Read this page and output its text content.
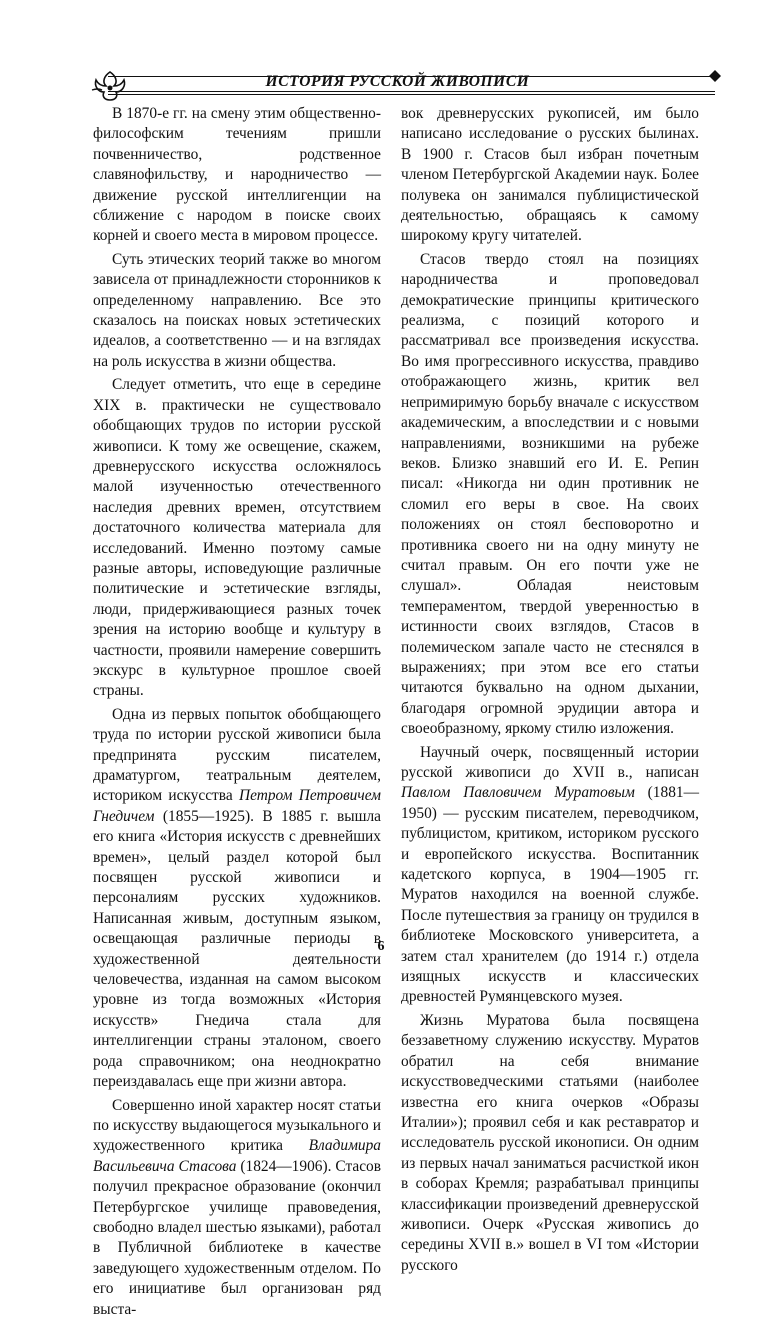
ИСТОРИЯ РУССКОЙ ЖИВОПИСИ

В 1870-е гг. на смену этим общественно-философским течениям пришли почвенничество, родственное славянофильству, и народничество — движение русской интеллигенции на сближение с народом в поиске своих корней и своего места в мировом процессе.

Суть этических теорий также во многом зависела от принадлежности сторонников к определенному направлению. Все это сказалось на поисках новых эстетических идеалов, а соответственно — и на взглядах на роль искусства в жизни общества.

Следует отметить, что еще в середине XIX в. практически не существовало обобщающих трудов по истории русской живописи. К тому же освещение, скажем, древнерусского искусства осложнялось малой изученностью отечественного наследия древних времен, отсутствием достаточного количества материала для исследований. Именно поэтому самые разные авторы, исповедующие различные политические и эстетические взгляды, люди, придерживающиеся разных точек зрения на историю вообще и культуру в частности, проявили намерение совершить экскурс в культурное прошлое своей страны.

Одна из первых попыток обобщающего труда по истории русской живописи была предпринята русским писателем, драматургом, театральным деятелем, историком искусства Петром Петровичем Гнедичем (1855—1925). В 1885 г. вышла его книга «История искусств с древнейших времен», целый раздел которой был посвящен русской живописи и персоналиям русских художников. Написанная живым, доступным языком, освещающая различные периоды в художественной деятельности человечества, изданная на самом высоком уровне из тогда возможных «История искусств» Гнедича стала для интеллигенции страны эталоном, своего рода справочником; она неоднократно переиздавалась еще при жизни автора.

Совершенно иной характер носят статьи по искусству выдающегося музыкального и художественного критика Владимира Васильевича Стасова (1824—1906). Стасов получил прекрасное образование (окончил Петербургское училище правоведения, свободно владел шестью языками), работал в Публичной библиотеке в качестве заведующего художественным отделом. По его инициативе был организован ряд выста-

вок древнерусских рукописей, им было написано исследование о русских былинах. В 1900 г. Стасов был избран почетным членом Петербургской Академии наук. Более полувека он занимался публицистической деятельностью, обращаясь к самому широкому кругу читателей.

Стасов твердо стоял на позициях народничества и проповедовал демократические принципы критического реализма, с позиций которого и рассматривал все произведения искусства. Во имя прогрессивного искусства, правдиво отображающего жизнь, критик вел непримиримую борьбу вначале с искусством академическим, а впоследствии и с новыми направлениями, возникшими на рубеже веков. Близко знавший его И. Е. Репин писал: «Никогда ни один противник не сломил его веры в свое. На своих положениях он стоял бесповоротно и противника своего ни на одну минуту не считал правым. Он его почти уже не слушал». Обладая неистовым темпераментом, твердой уверенностью в истинности своих взглядов, Стасов в полемическом запале часто не стеснялся в выражениях; при этом все его статьи читаются буквально на одном дыхании, благодаря огромной эрудиции автора и своеобразному, яркому стилю изложения.

Научный очерк, посвященный истории русской живописи до XVII в., написан Павлом Павловичем Муратовым (1881—1950) — русским писателем, переводчиком, публицистом, критиком, историком русского и европейского искусства. Воспитанник кадетского корпуса, в 1904—1905 гг. Муратов находился на военной службе. После путешествия за границу он трудился в библиотеке Московского университета, а затем стал хранителем (до 1914 г.) отдела изящных искусств и классических древностей Румянцевского музея.

Жизнь Муратова была посвящена беззаветному служению искусству. Муратов обратил на себя внимание искусствоведческими статьями (наиболее известна его книга очерков «Образы Италии»); проявил себя и как реставратор и исследователь русской иконописи. Он одним из первых начал заниматься расчисткой икон в соборах Кремля; разрабатывал принципы классификации произведений древнерусской живописи. Очерк «Русская живопись до середины XVII в.» вошел в VI том «Истории русского

6
